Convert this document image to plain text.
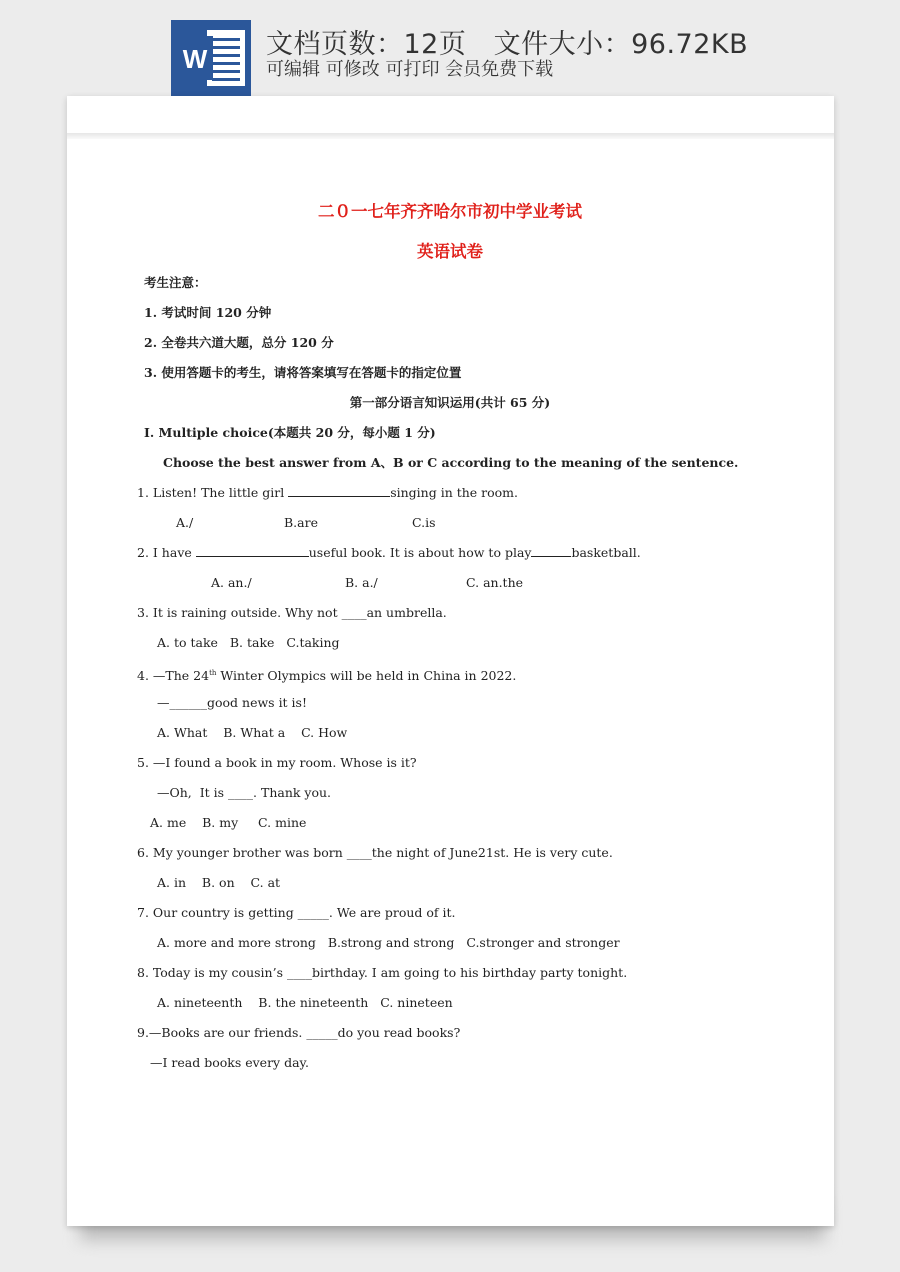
W 文档页数：12页   文件大小：96.72KB
可编辑 可修改 可打印 会员免费下载
二０一七年齐齐哈尔市初中学业考试
英语试卷
考生注意：
1. 考试时间 120 分钟
2. 全卷共六道大题，总分 120 分
3. 使用答题卡的考生，请将答案填写在答题卡的指定位置
第一部分语言知识运用(共计 65 分)
I. Multiple choice(本题共 20 分，每小题 1 分)
Choose the best answer from A、B or C according to the meaning of the sentence.
1. Listen! The little girl	singing in the room.
A./	B.are	C.is
2. I have	useful book. It is about how to play	basketball.
A. an./	B. a./	C. an.the
3. It is raining outside. Why not ____an umbrella.
A. to take   B. take   C.taking
4. —The 24th Winter Olympics will be held in China in 2022.
—______good news it is!
A. What    B. What a    C. How
5. —I found a book in my room. Whose is it?
—Oh,  It is ____. Thank you.
A. me    B. my     C. mine
6. My younger brother was born ____the night of June21st. He is very cute.
A. in    B. on    C. at
7. Our country is getting _____. We are proud of it.
A. more and more strong   B.strong and strong   C.stronger and stronger
8. Today is my cousin’s ____birthday. I am going to his birthday party tonight.
A. nineteenth    B. the nineteenth   C. nineteen
9.—Books are our friends. _____do you read books?
—I read books every day.
